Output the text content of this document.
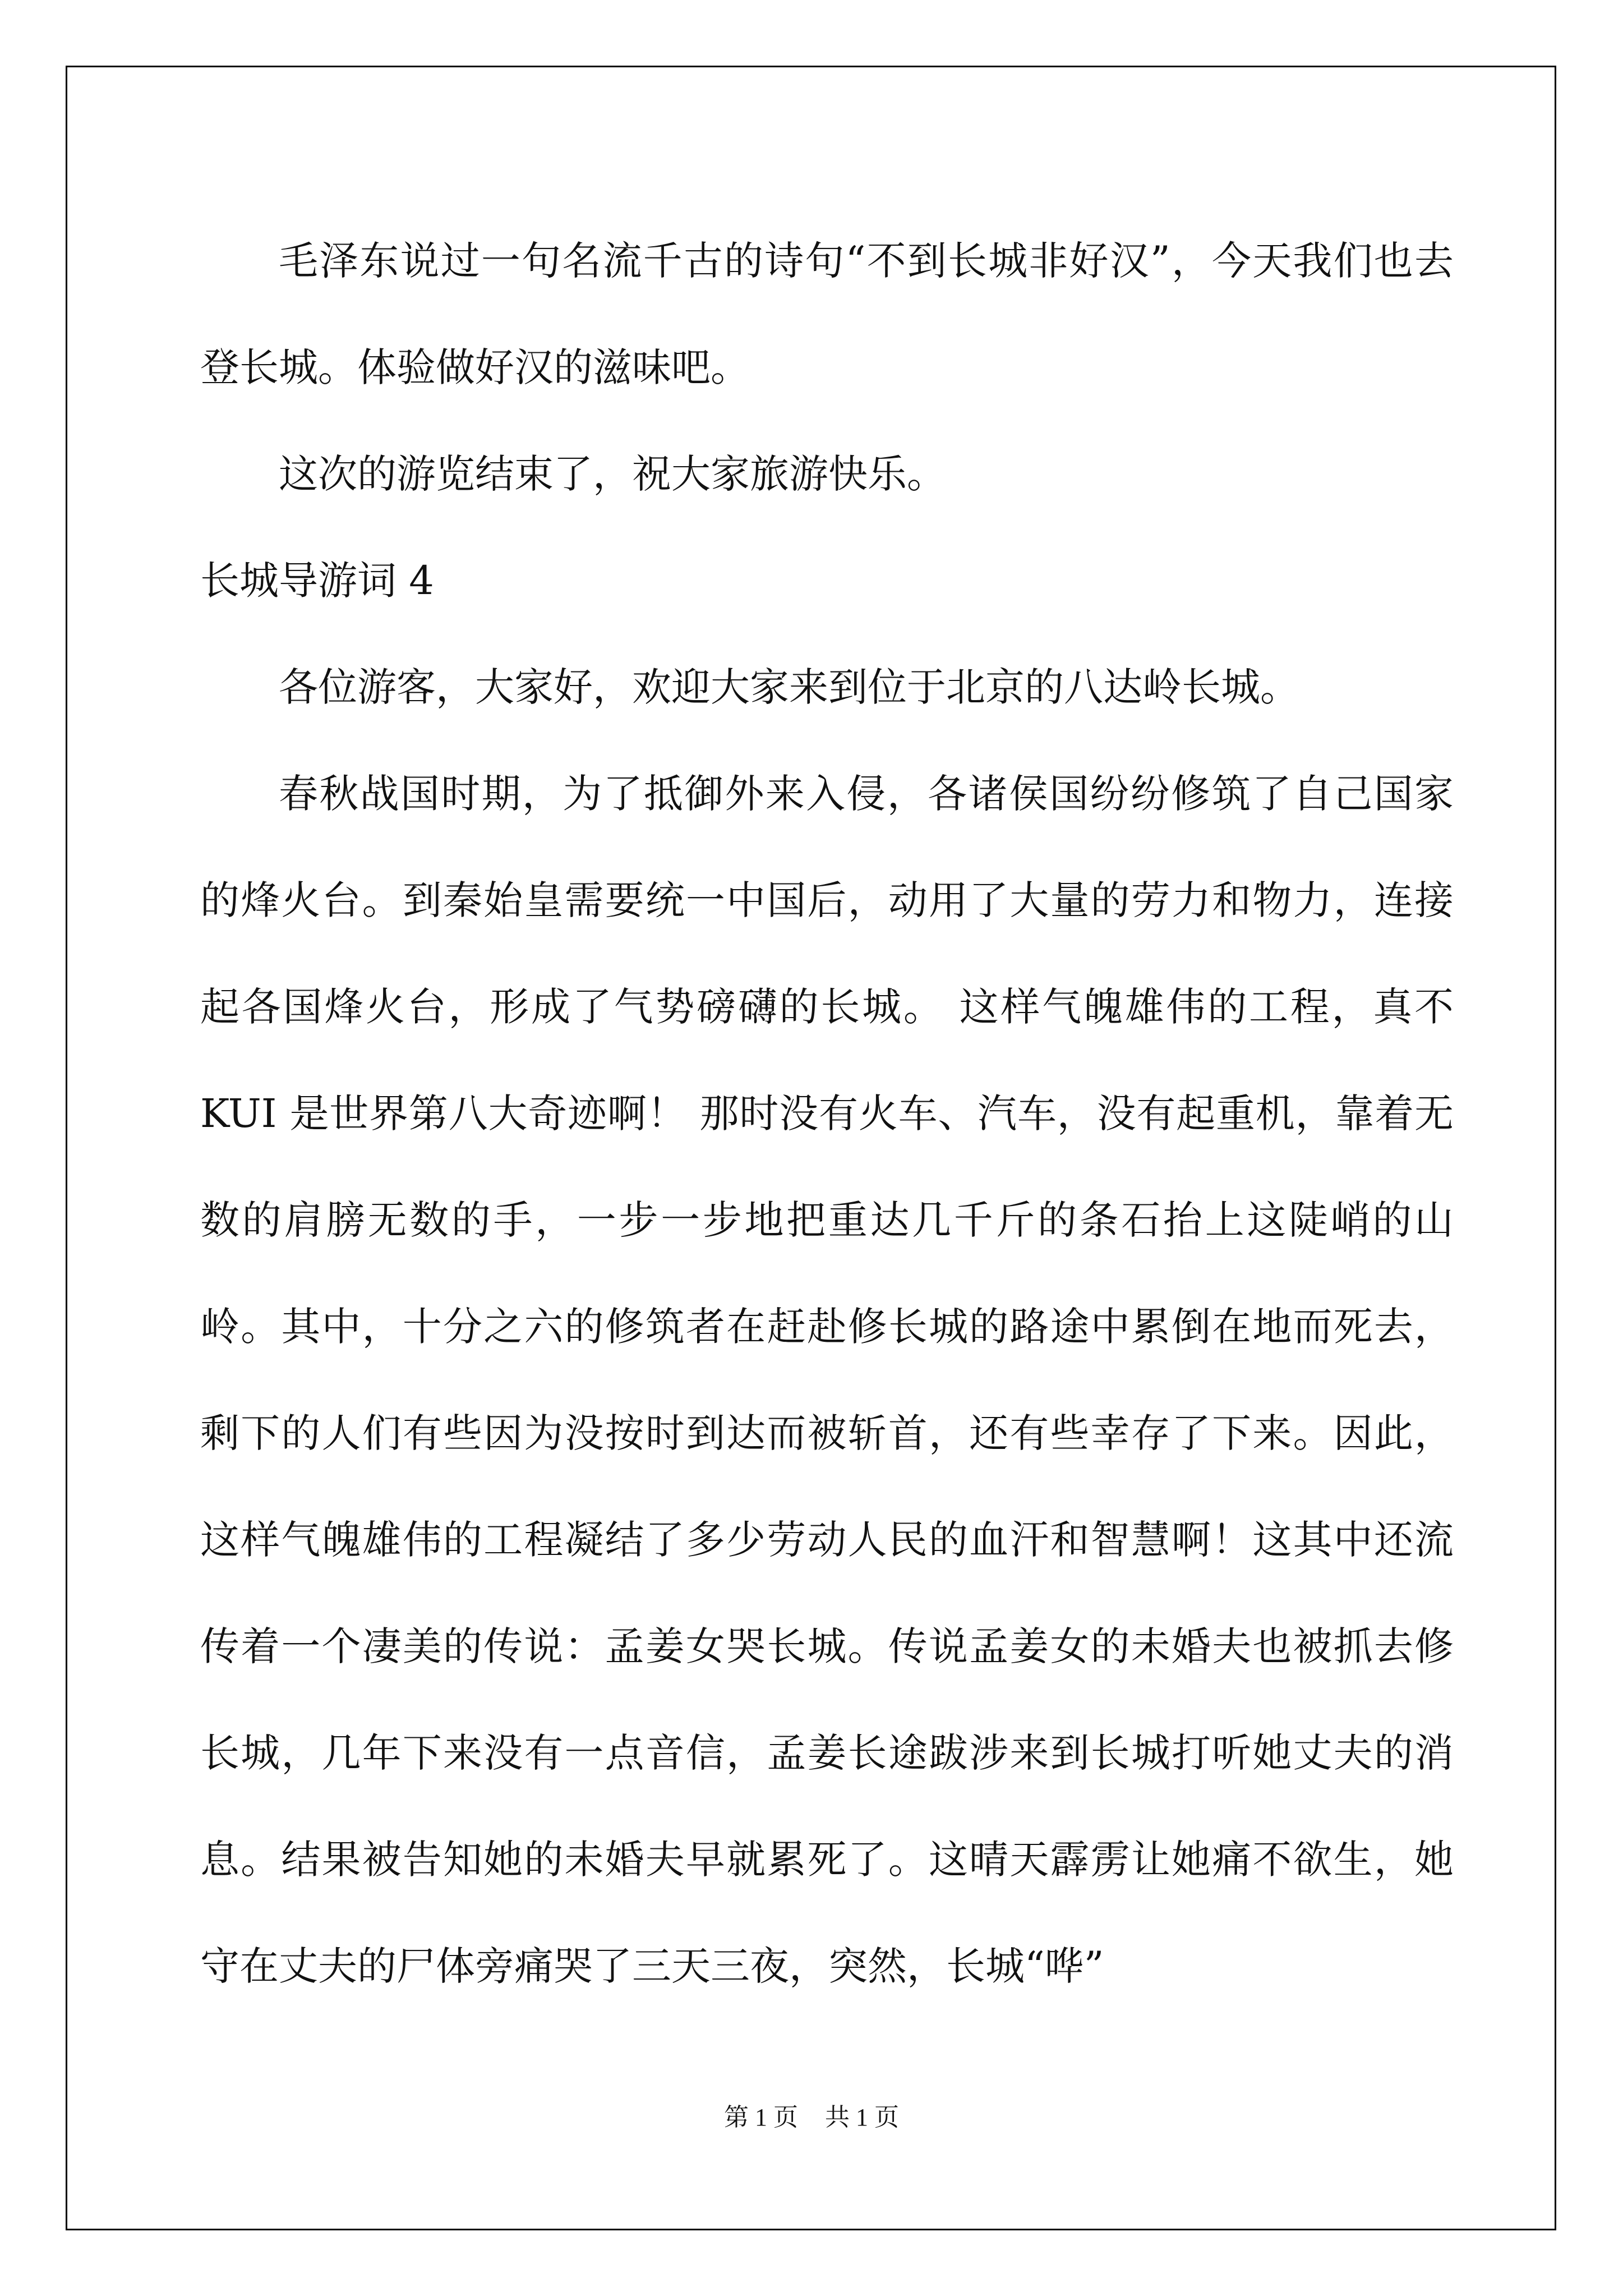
毛泽东说过一句名流千古的诗句“不到长城非好汉”，今天我们也去登长城。体验做好汉的滋味吧。

这次的游览结束了，祝大家旅游快乐。

长城导游词 4

各位游客，大家好，欢迎大家来到位于北京的八达岭长城。

春秋战国时期，为了抵御外来入侵，各诸侯国纷纷修筑了自己国家的烽火台。到秦始皇需要统一中国后，动用了大量的劳力和物力，连接起各国烽火台，形成了气势磅礴的长城。 这样气魄雄伟的工程，真不 KUI 是世界第八大奇迹啊！ 那时没有火车、汽车，没有起重机，靠着无数的肩膀无数的手，一步一步地把重达几千斤的条石抬上这陡峭的山岭。其中，十分之六的修筑者在赶赴修长城的路途中累倒在地而死去，剩下的人们有些因为没按时到达而被斩首，还有些幸存了下来。因此，这样气魄雄伟的工程凝结了多少劳动人民的血汗和智慧啊！这其中还流传着一个凄美的传说：孟姜女哭长城。传说孟姜女的未婚夫也被抓去修长城，几年下来没有一点音信，孟姜长途跋涉来到长城打听她丈夫的消息。结果被告知她的未婚夫早就累死了。这晴天霹雳让她痛不欲生，她守在丈夫的尸体旁痛哭了三天三夜，突然，长城“哗”

第 1 页 共 1 页
